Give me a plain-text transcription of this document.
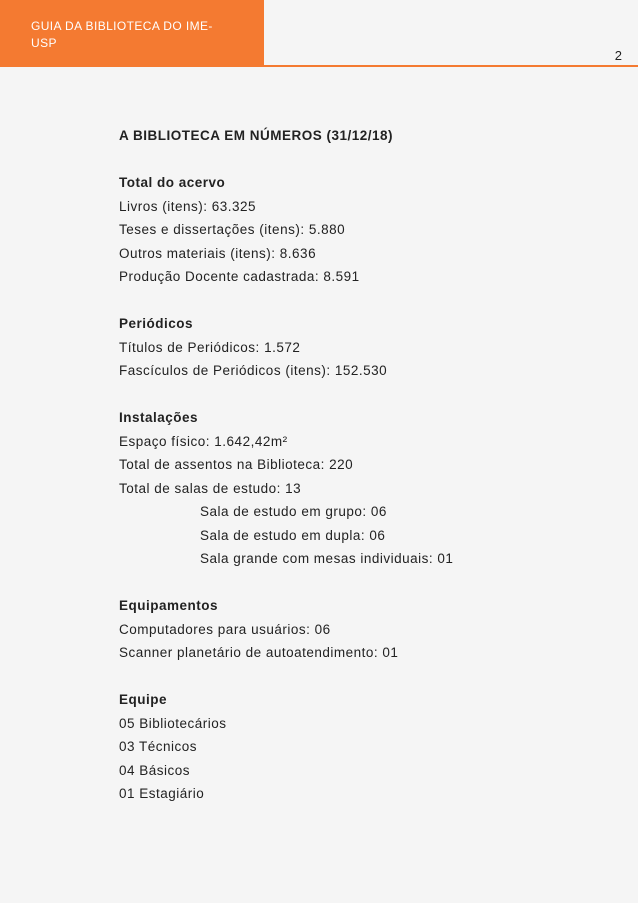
GUIA DA BIBLIOTECA DO IME-USP
2
A BIBLIOTECA EM NÚMEROS (31/12/18)
Total do acervo
Livros (itens): 63.325
Teses e dissertações (itens): 5.880
Outros materiais (itens): 8.636
Produção Docente cadastrada: 8.591
Periódicos
Títulos de Periódicos: 1.572
Fascículos de Periódicos (itens): 152.530
Instalações
Espaço físico: 1.642,42m²
Total de assentos na Biblioteca: 220
Total de salas de estudo: 13
Sala de estudo em grupo: 06
Sala de estudo em dupla: 06
Sala grande com mesas individuais: 01
Equipamentos
Computadores para usuários: 06
Scanner planetário de autoatendimento: 01
Equipe
05 Bibliotecários
03 Técnicos
04 Básicos
01 Estagiário
